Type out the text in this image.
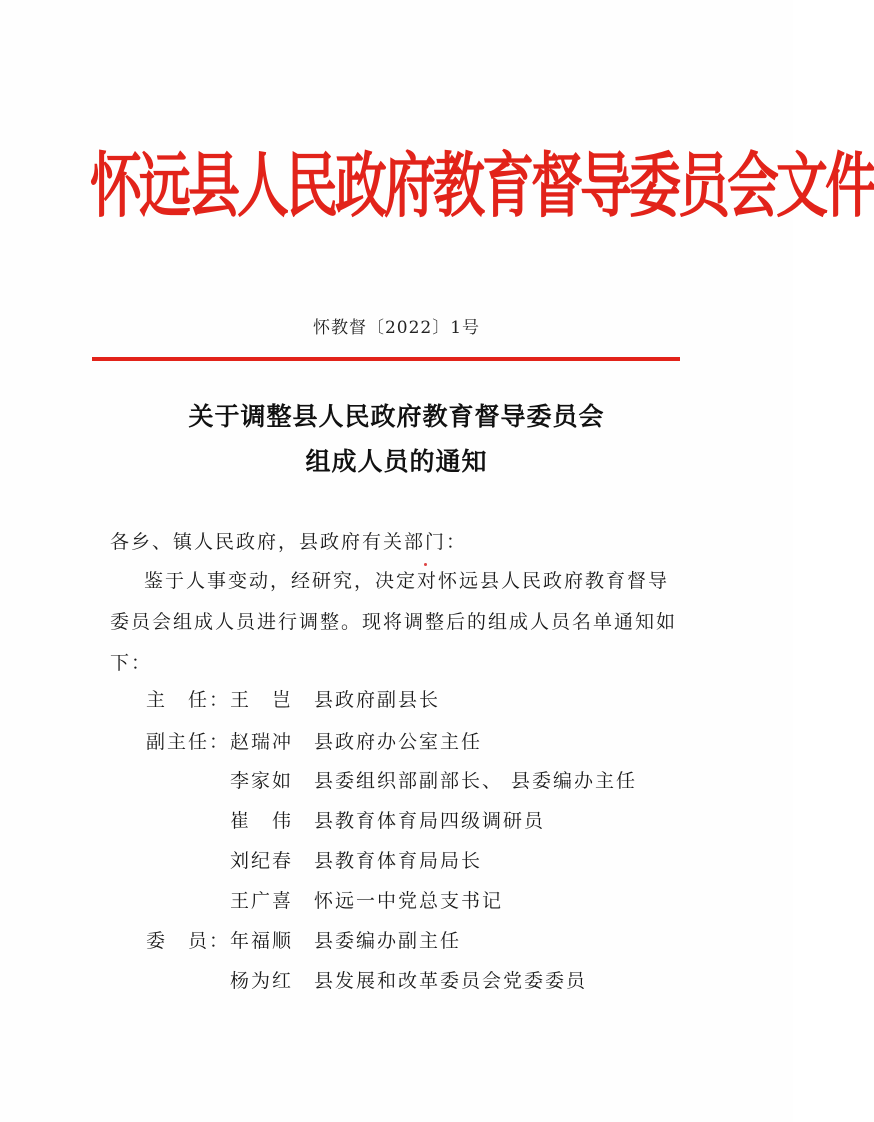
怀远县人民政府教育督导委员会文件
怀教督〔2022〕1号
关于调整县人民政府教育督导委员会
组成人员的通知
各乡、镇人民政府，县政府有关部门：
鉴于人事变动，经研究，决定对怀远县人民政府教育督导
委员会组成人员进行调整。现将调整后的组成人员名单通知如
下：
主　任： 王　岂	县政府副县长
副主任： 赵瑞冲	县政府办公室主任
李家如	县委组织部副部长、 县委编办主任
崔　伟	县教育体育局四级调研员
刘纪春	县教育体育局局长
王广喜	怀远一中党总支书记
委　员： 年福顺	县委编办副主任
杨为红	县发展和改革委员会党委委员
